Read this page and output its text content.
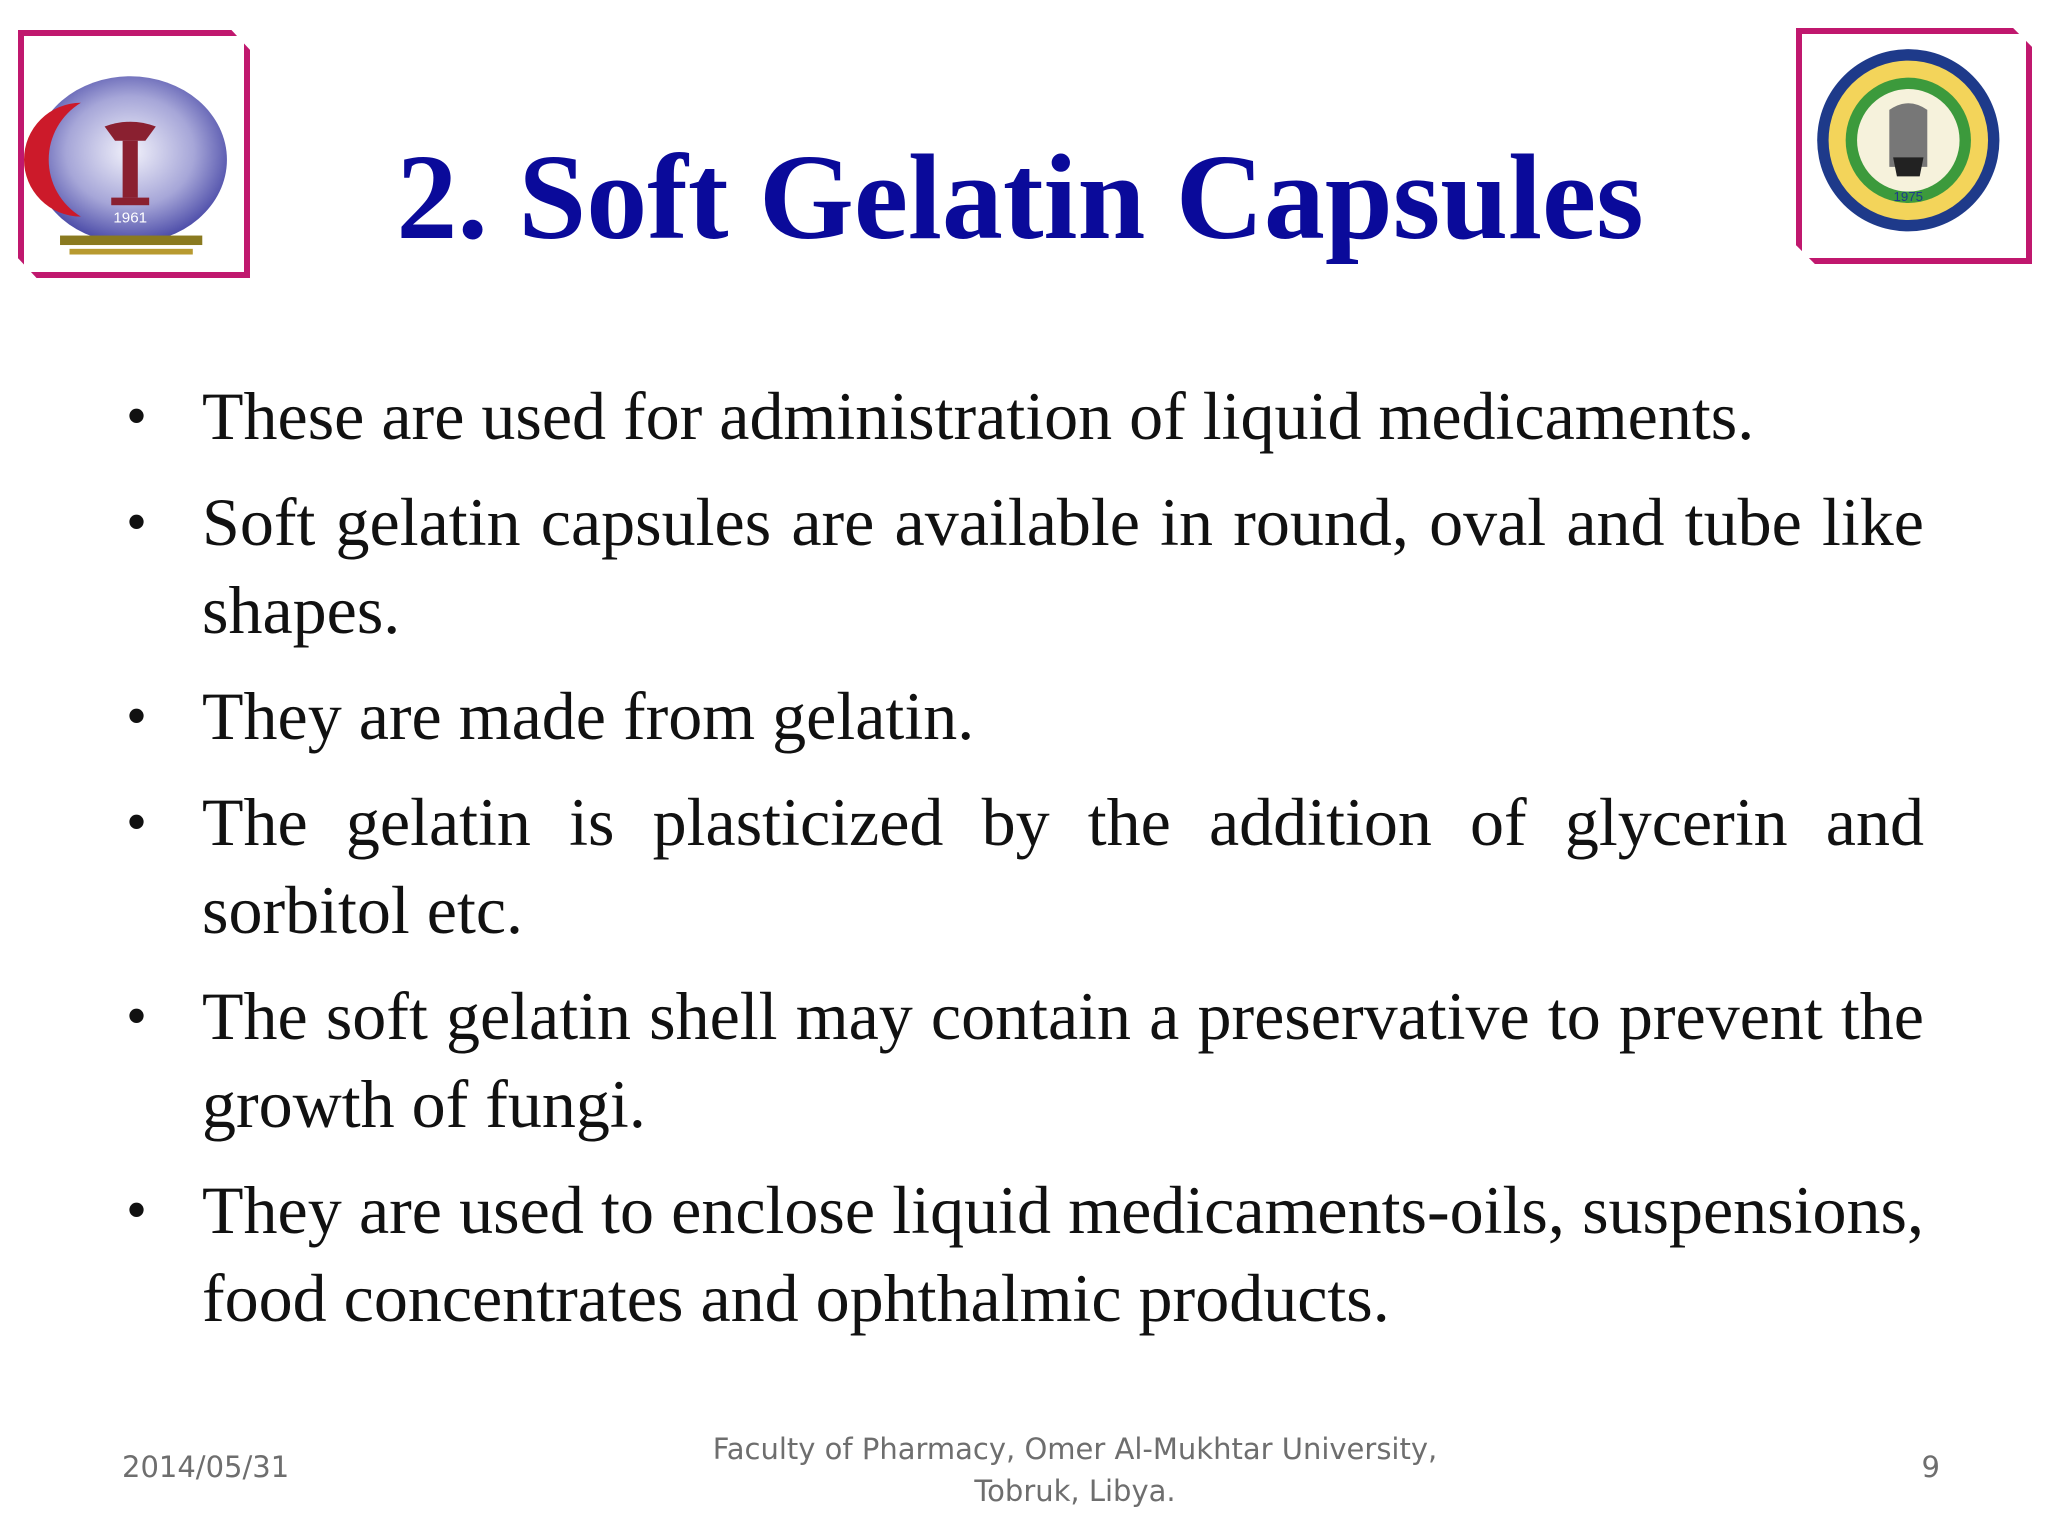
1961	2. Soft Gelatin Capsules	1975
• These are used for administration of liquid medicaments.
• Soft gelatin capsules are available in round, oval and tube like shapes.
• They are made from gelatin.
• The gelatin is plasticized by the addition of glycerin and sorbitol etc.
• The soft gelatin shell may contain a preservative to prevent the growth of fungi.
• They are used to enclose liquid medicaments-oils, suspensions, food concentrates and ophthalmic products.
2014/05/31
Faculty of Pharmacy, Omer Al-Mukhtar University,
Tobruk, Libya.
9
